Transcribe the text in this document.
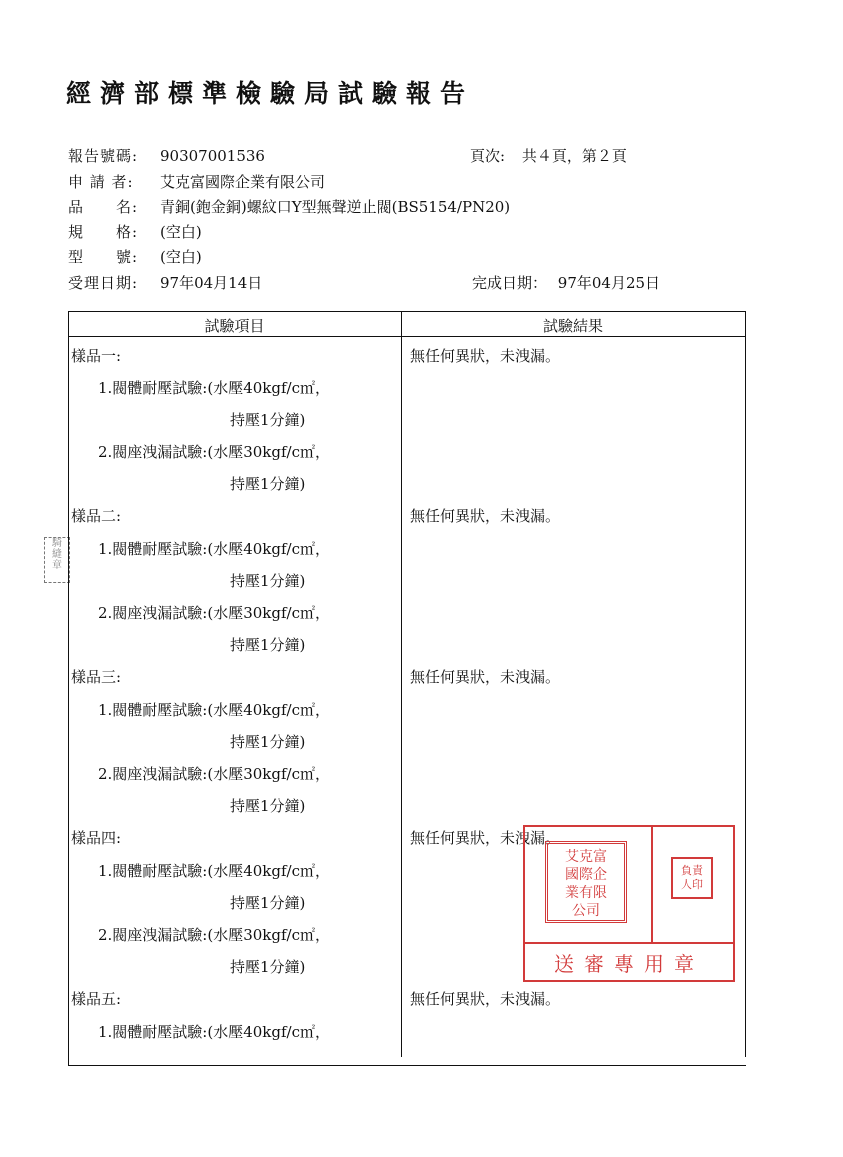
經濟部標準檢驗局試驗報告
報告號碼: 90307001536	頁次: 共４頁，第２頁
申 請 者: 艾克富國際企業有限公司
品　　名: 青銅(鉋金銅)螺紋口Y型無聲逆止閥(BS5154/PN20)
規　　格: (空白)
型　　號: (空白)
受理日期: 97年04月14日	完成日期： 97年04月25日
騎
縫
章
試驗項目	試驗結果
樣品一:	無任何異狀，未洩漏。
1.閥體耐壓試驗:(水壓40kgf/c㎡，
持壓1分鐘)
2.閥座洩漏試驗:(水壓30kgf/c㎡，
持壓1分鐘)
樣品二:	無任何異狀，未洩漏。
1.閥體耐壓試驗:(水壓40kgf/c㎡，
持壓1分鐘)
2.閥座洩漏試驗:(水壓30kgf/c㎡，
持壓1分鐘)
樣品三:	無任何異狀，未洩漏。
1.閥體耐壓試驗:(水壓40kgf/c㎡，
持壓1分鐘)
2.閥座洩漏試驗:(水壓30kgf/c㎡，
持壓1分鐘)
樣品四:	無任何異狀，未洩漏。
1.閥體耐壓試驗:(水壓40kgf/c㎡，
持壓1分鐘)
2.閥座洩漏試驗:(水壓30kgf/c㎡，
持壓1分鐘)
樣品五:	無任何異狀，未洩漏。
1.閥體耐壓試驗:(水壓40kgf/c㎡，
艾克富
國際企
業有限
公司
負責
人印
送審專用章
